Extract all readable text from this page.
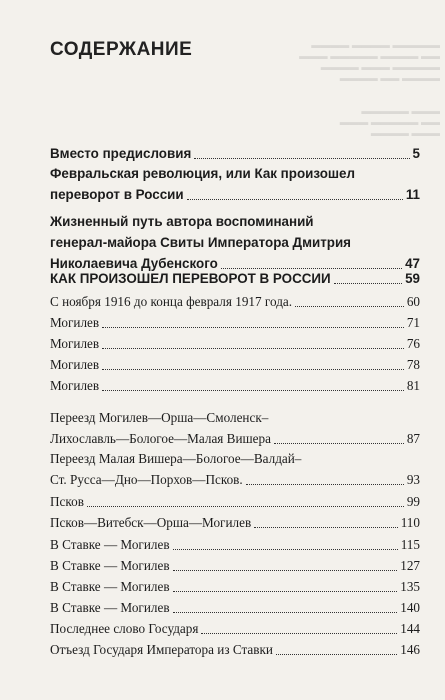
▬▬▬▬ ▬▬▬▬ ▬▬▬▬▬
▬▬▬ ▬▬▬▬▬ ▬▬▬▬ ▬▬
▬▬▬▬ ▬▬▬ ▬▬▬▬▬
▬▬▬▬ ▬▬ ▬▬▬▬

▬▬▬▬▬ ▬▬▬
▬▬▬ ▬▬▬▬▬ ▬▬
▬▬▬▬ ▬▬▬
СОДЕРЖАНИЕ
Вместо предисловия	5
Февральская революция, или Как произошел
переворот в России	11
Жизненный путь автора воспоминаний
генерал-майора Свиты Императора Дмитрия
Николаевича Дубенского	47
КАК ПРОИЗОШЕЛ ПЕРЕВОРОТ В РОССИИ	59
С ноября 1916 до конца февраля 1917 года.	60
Могилев	71
Могилев	76
Могилев	78
Могилев	81
Переезд Могилев—Орша—Смоленск–
Лихославль—Бологое—Малая Вишера	87
Переезд Малая Вишера—Бологое—Валдай–
Ст. Русса—Дно—Порхов—Псков.	93
Псков	99
Псков—Витебск—Орша—Могилев	110
В Ставке — Могилев	115
В Ставке — Могилев	127
В Ставке — Могилев	135
В Ставке — Могилев	140
Последнее слово Государя	144
Отъезд Государя Императора из Ставки	146
